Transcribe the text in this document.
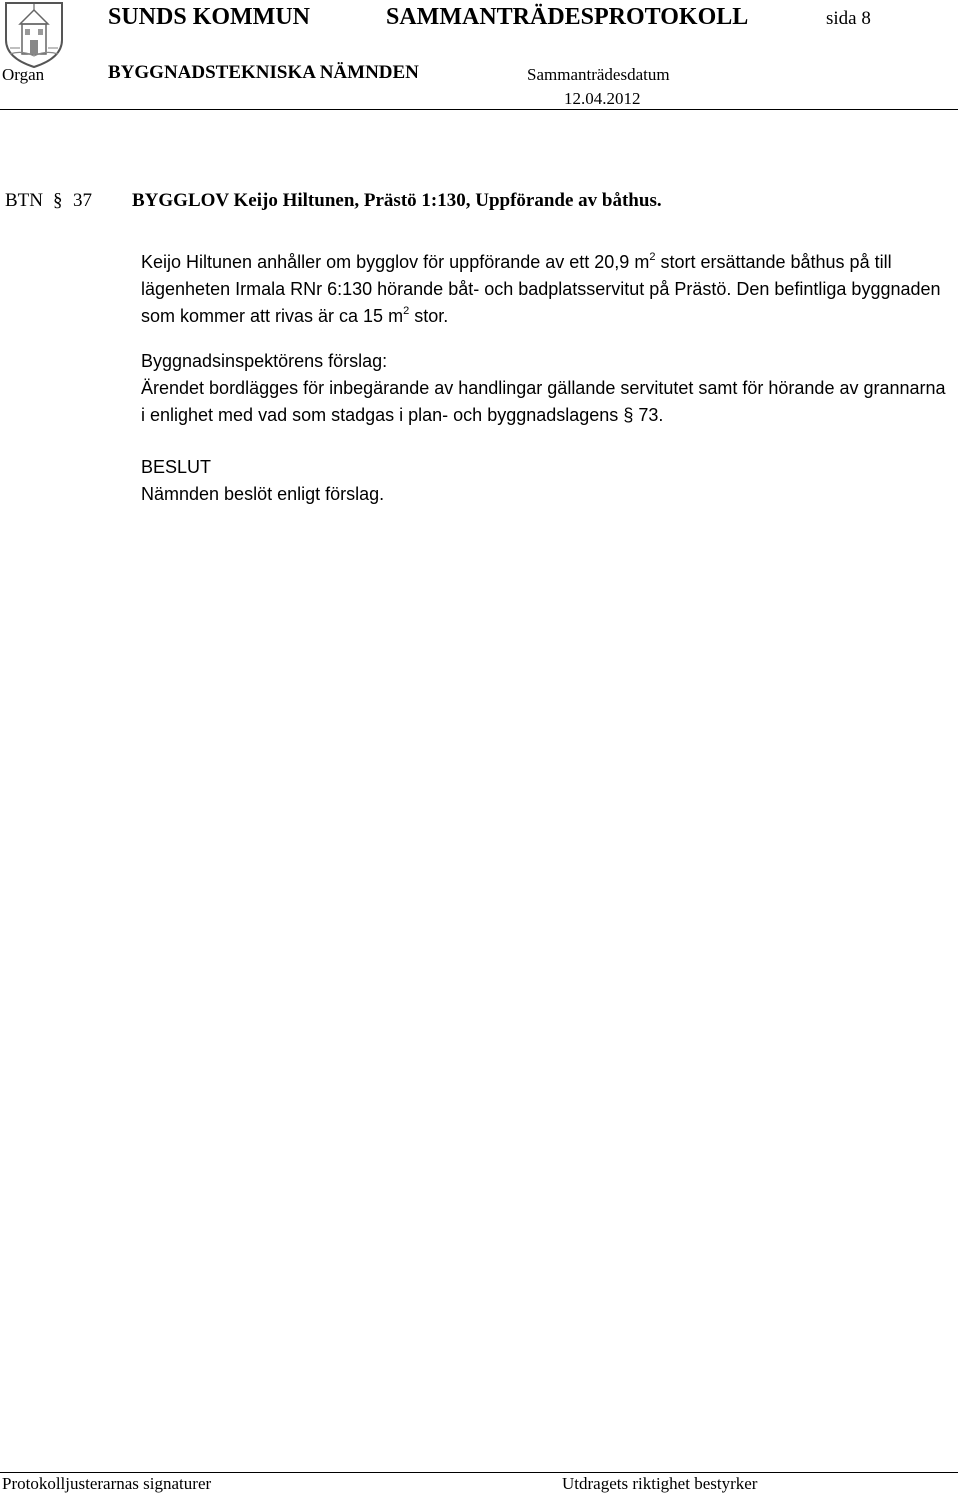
SUNDS KOMMUN	SAMMANTRÄDESPROTOKOLL	sida 8
Organ	BYGGNADSTEKNISKA NÄMNDEN	Sammanträdesdatum
12.04.2012
BTN § 37 BYGGLOV Keijo Hiltunen, Prästö 1:130, Uppförande av båthus.

Keijo Hiltunen anhåller om bygglov för uppförande av ett 20,9 $m^2$ stort ersättande båthus på till lägenheten Irmala RNr 6:130 hörande båt- och badplatsservitut på Prästö. Den befintliga byggnaden som kommer att rivas är ca 15 $m^2$ stor.

Byggnadsinspektörens förslag:

Ärendet bordlägges för inbegärande av handlingar gällande servitutet samt för hörande av grannarna i enlighet med vad som stadgas i plan- och byggnadslagens § 73.

BESLUT

Nämnden beslöt enligt förslag.

Protokolljusterarnas signaturer	Utdragets riktighet bestyrker
